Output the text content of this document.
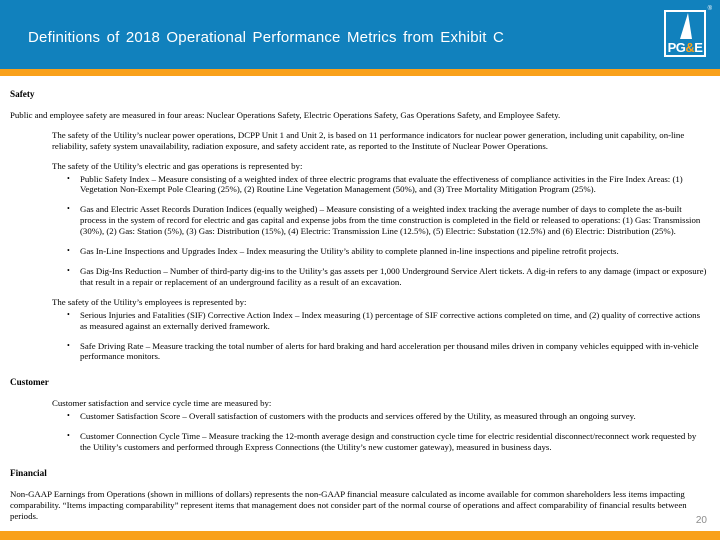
Definitions of 2018 Operational Performance Metrics from Exhibit C
PG&E
®
Safety

Public and employee safety are measured in four areas: Nuclear Operations Safety, Electric Operations Safety, Gas Operations Safety, and Employee Safety.

The safety of the Utility’s nuclear power operations, DCPP Unit 1 and Unit 2, is based on 11 performance indicators for nuclear power generation, including unit capability, on-line reliability, safety system unavailability, radiation exposure, and safety accident rate, as reported to the Institute of Nuclear Power Operations.

The safety of the Utility’s electric and gas operations is represented by:

•	Public Safety Index – Measure consisting of a weighted index of three electric programs that evaluate the effectiveness of compliance activities in the Fire Index Areas: (1) Vegetation Non-Exempt Pole Clearing (25%), (2) Routine Line Vegetation Management (50%), and (3) Tree Mortality Mitigation Program (25%).
•	Gas and Electric Asset Records Duration Indices (equally weighed) – Measure consisting of a weighted index tracking the average number of days to complete the as-built process in the system of record for electric and gas capital and expense jobs from the time construction is completed in the field or released to operations: (1) Gas: Transmission (30%), (2) Gas: Station (5%), (3) Gas: Distribution (15%), (4) Electric: Transmission Line (12.5%), (5) Electric: Substation (12.5%) and (6) Electric: Distribution (25%).
•	Gas In-Line Inspections and Upgrades Index – Index measuring the Utility’s ability to complete planned in-line inspections and pipeline retrofit projects.
•	Gas Dig-Ins Reduction – Number of third-party dig-ins to the Utility’s gas assets per 1,000 Underground Service Alert tickets. A dig-in refers to any damage (impact or exposure) that result in a repair or replacement of an underground facility as a result of an excavation.

The safety of the Utility’s employees is represented by:

•	Serious Injuries and Fatalities (SIF) Corrective Action Index – Index measuring (1) percentage of SIF corrective actions completed on time, and (2) quality of corrective actions as measured against an externally derived framework.
•	Safe Driving Rate – Measure tracking the total number of alerts for hard braking and hard acceleration per thousand miles driven in company vehicles equipped with in-vehicle performance monitors.
Customer

Customer satisfaction and service cycle time are measured by:

•	Customer Satisfaction Score – Overall satisfaction of customers with the products and services offered by the Utility, as measured through an ongoing survey.
•	Customer Connection Cycle Time – Measure tracking the 12-month average design and construction cycle time for electric residential disconnect/reconnect work requested by the Utility’s customers and performed through Express Connections (the Utility’s new customer gateway), measured in business days.
Financial

Non-GAAP Earnings from Operations (shown in millions of dollars) represents the non-GAAP financial measure calculated as income available for common shareholders less items impacting comparability. “Items impacting comparability” represent items that management does not consider part of the normal course of operations and affect comparability of financial results between periods.	20
